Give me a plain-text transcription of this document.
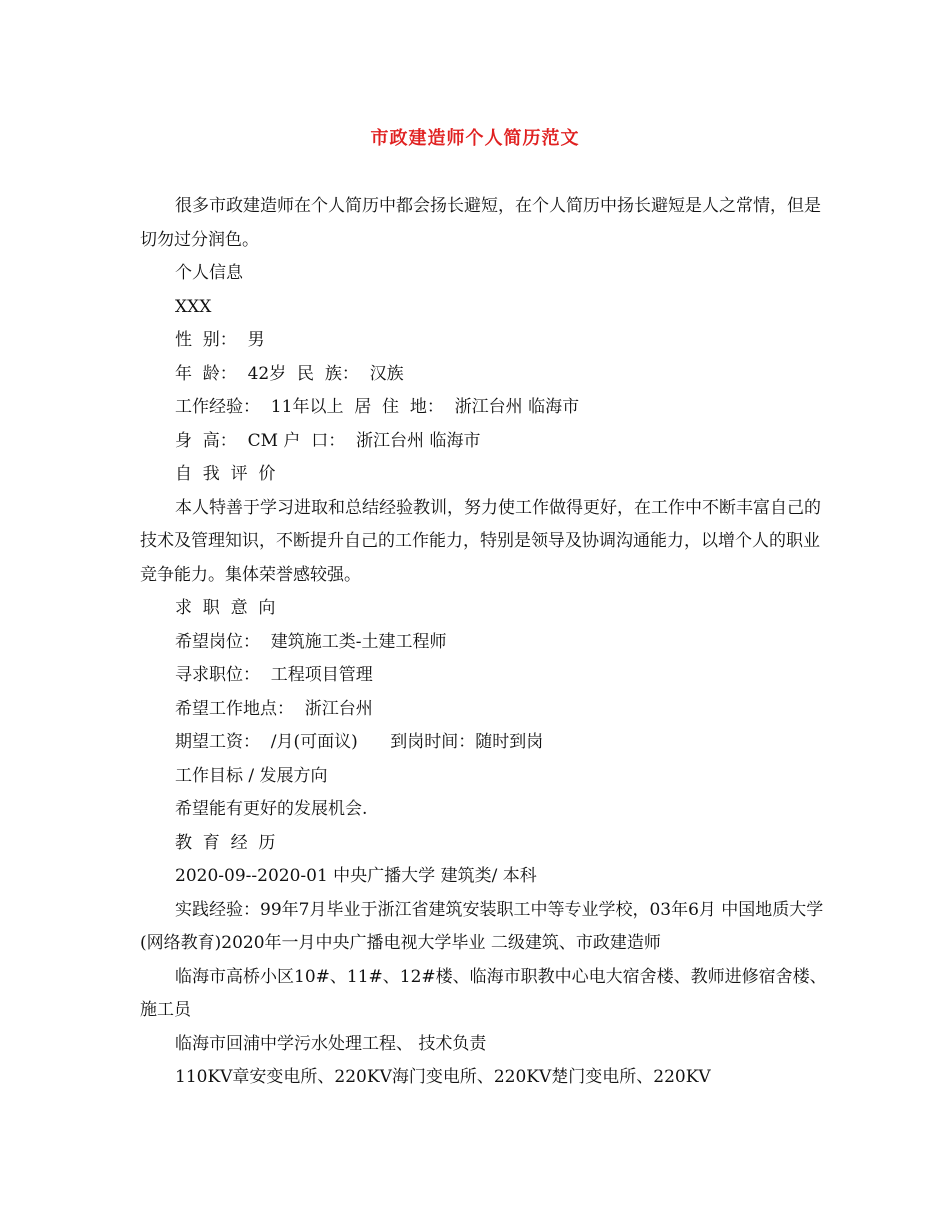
市政建造师个人简历范文

很多市政建造师在个人简历中都会扬长避短，在个人简历中扬长避短是人之常情，但是切勿过分润色。

个人信息

XXX

性  别：  男

年  龄：  42岁  民  族：  汉族

工作经验：  11年以上  居  住  地：  浙江台州 临海市

身  高：  CM 户  口：  浙江台州 临海市

自  我  评  价

本人特善于学习进取和总结经验教训，努力使工作做得更好，在工作中不断丰富自己的技术及管理知识，不断提升自己的工作能力，特别是领导及协调沟通能力，以增个人的职业竞争能力。集体荣誉感较强。

求  职  意  向

希望岗位：  建筑施工类-土建工程师

寻求职位：  工程项目管理

希望工作地点：  浙江台州

期望工资：  /月(可面议)      到岗时间：随时到岗

工作目标 / 发展方向

希望能有更好的发展机会.

教  育  经  历

2020-09--2020-01 中央广播大学 建筑类/ 本科

实践经验：99年7月毕业于浙江省建筑安装职工中等专业学校，03年6月 中国地质大学(网络教育)2020年一月中央广播电视大学毕业 二级建筑、市政建造师

临海市高桥小区10#、11#、12#楼、临海市职教中心电大宿舍楼、教师进修宿舍楼、 施工员

临海市回浦中学污水处理工程、 技术负责

110KV章安变电所、220KV海门变电所、220KV楚门变电所、220KV
